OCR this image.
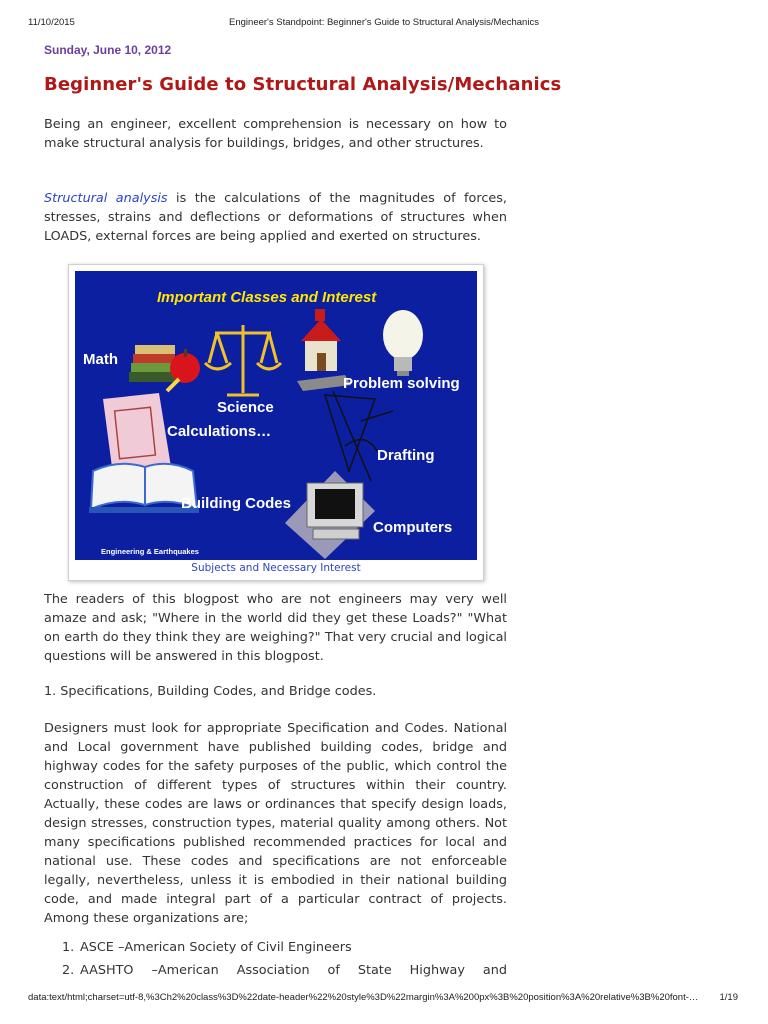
11/10/2015	Engineer's Standpoint: Beginner's Guide to Structural Analysis/Mechanics
Sunday, June 10, 2012
Beginner's Guide to Structural Analysis/Mechanics

Being an engineer, excellent comprehension is necessary on how to make structural analysis for buildings, bridges, and other structures.

Structural analysis is the calculations of the magnitudes of forces, stresses, strains and deflections or deformations of structures when LOADS, external forces are being applied and exerted on structures.

Important Classes and Interest
Math
Science
Calculations…
Problem solving
Drafting
Building Codes
Computers
Engineering & Earthquakes
Subjects and Necessary Interest

The readers of this blogpost who are not engineers may very well amaze and ask; "Where in the world did they get these Loads?" "What on earth do they think they are weighing?" That very crucial and logical questions will be answered in this blogpost.

1. Specifications, Building Codes, and Bridge codes.

Designers must look for appropriate Specification and Codes. National and Local government have published building codes, bridge and highway codes for the safety purposes of the public, which control the construction of different types of structures within their country. Actually, these codes are laws or ordinances that specify design loads, design stresses, construction types, material quality among others. Not many specifications published recommended practices for local and national use. These codes and specifications are not enforceable legally, nevertheless, unless it is embodied in their national building code, and made integral part of a particular contract of projects. Among these organizations are;

1. ASCE –American Society of Civil Engineers
2. AASHTO –American Association of State Highway and
data:text/html;charset=utf-8,%3Ch2%20class%3D%22date-header%22%20style%3D%22margin%3A%200px%3B%20position%3A%20relative%3B%20font-…	1/19
